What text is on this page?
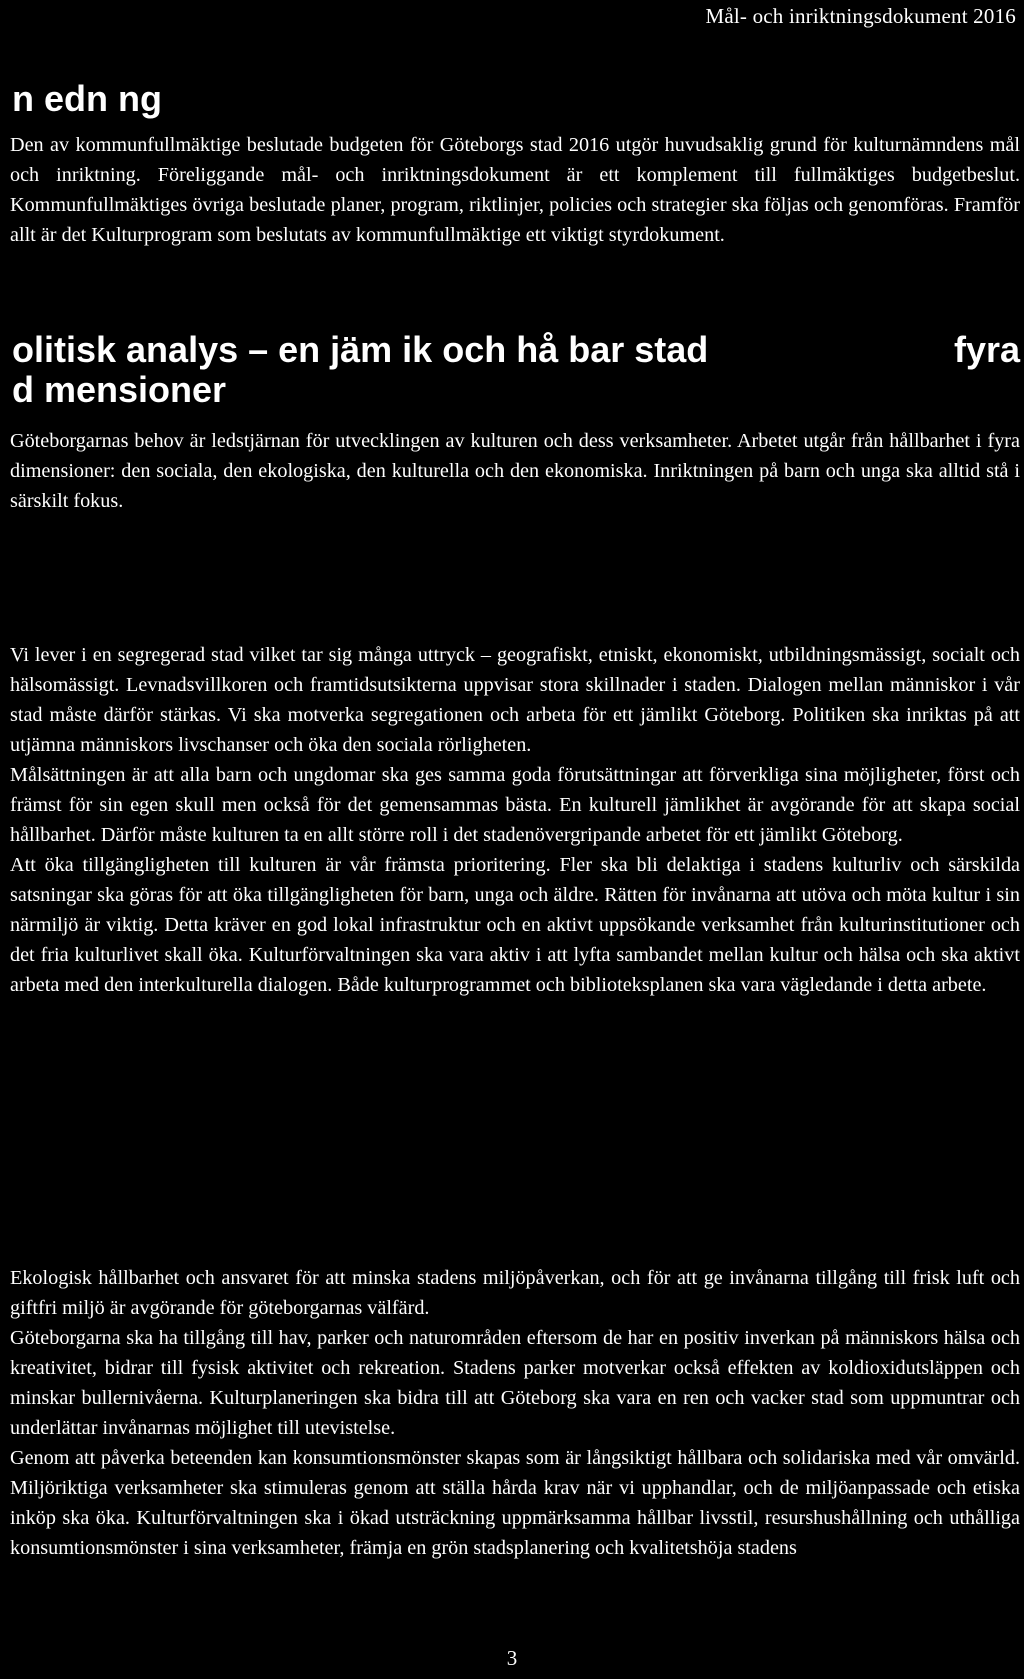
Mål- och inriktningsdokument 2016
n edn ng

Den av kommunfullmäktige beslutade budgeten för Göteborgs stad 2016 utgör huvudsaklig grund för kulturnämndens mål och inriktning. Föreliggande mål- och inriktningsdokument är ett komplement till fullmäktiges budgetbeslut. Kommunfullmäktiges övriga beslutade planer, program, riktlinjer, policies och strategier ska följas och genomföras. Framför allt är det Kulturprogram som beslutats av kommunfullmäktige ett viktigt styrdokument.

olitisk analys – en jäm ik och hå bar stad	fyra
d mensioner

Göteborgarnas behov är ledstjärnan för utvecklingen av kulturen och dess verksamheter. Arbetet utgår från hållbarhet i fyra dimensioner: den sociala, den ekologiska, den kulturella och den ekonomiska. Inriktningen på barn och unga ska alltid stå i särskilt fokus.

Vi lever i en segregerad stad vilket tar sig många uttryck – geografiskt, etniskt, ekonomiskt, utbildningsmässigt, socialt och hälsomässigt. Levnadsvillkoren och framtidsutsikterna uppvisar stora skillnader i staden. Dialogen mellan människor i vår stad måste därför stärkas. Vi ska motverka segregationen och arbeta för ett jämlikt Göteborg. Politiken ska inriktas på att utjämna människors livschanser och öka den sociala rörligheten.

Målsättningen är att alla barn och ungdomar ska ges samma goda förutsättningar att förverkliga sina möjligheter, först och främst för sin egen skull men också för det gemensammas bästa. En kulturell jämlikhet är avgörande för att skapa social hållbarhet. Därför måste kulturen ta en allt större roll i det stadenövergripande arbetet för ett jämlikt Göteborg.

Att öka tillgängligheten till kulturen är vår främsta prioritering. Fler ska bli delaktiga i stadens kulturliv och särskilda satsningar ska göras för att öka tillgängligheten för barn, unga och äldre. Rätten för invånarna att utöva och möta kultur i sin närmiljö är viktig. Detta kräver en god lokal infrastruktur och en aktivt uppsökande verksamhet från kulturinstitutioner och det fria kulturlivet skall öka. Kulturförvaltningen ska vara aktiv i att lyfta sambandet mellan kultur och hälsa och ska aktivt arbeta med den interkulturella dialogen. Både kulturprogrammet och biblioteksplanen ska vara vägledande i detta arbete.

Ekologisk hållbarhet och ansvaret för att minska stadens miljöpåverkan, och för att ge invånarna tillgång till frisk luft och giftfri miljö är avgörande för göteborgarnas välfärd.

Göteborgarna ska ha tillgång till hav, parker och naturområden eftersom de har en positiv inverkan på människors hälsa och kreativitet, bidrar till fysisk aktivitet och rekreation. Stadens parker motverkar också effekten av koldioxidutsläppen och minskar bullernivåerna. Kulturplaneringen ska bidra till att Göteborg ska vara en ren och vacker stad som uppmuntrar och underlättar invånarnas möjlighet till utevistelse.

Genom att påverka beteenden kan konsumtionsmönster skapas som är långsiktigt hållbara och solidariska med vår omvärld. Miljöriktiga verksamheter ska stimuleras genom att ställa hårda krav när vi upphandlar, och de miljöanpassade och etiska inköp ska öka. Kulturförvaltningen ska i ökad utsträckning uppmärksamma hållbar livsstil, resurshushållning och uthålliga konsumtionsmönster i sina verksamheter, främja en grön stadsplanering och kvalitetshöja stadens

3
